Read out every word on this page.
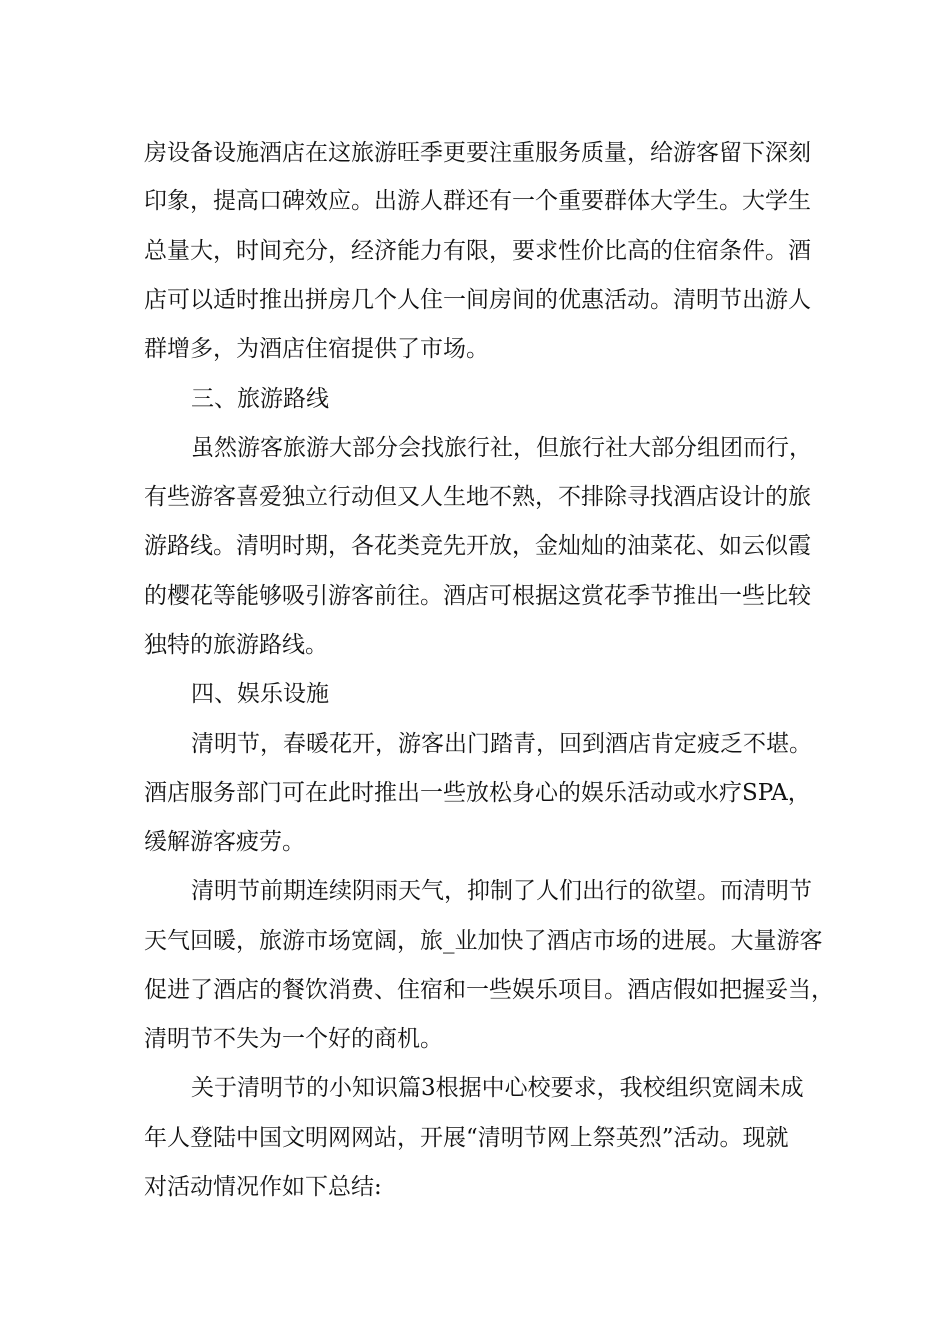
房设备设施酒店在这旅游旺季更要注重服务质量，给游客留下深刻

印象，提高口碑效应。出游人群还有一个重要群体大学生。大学生

总量大，时间充分，经济能力有限，要求性价比高的住宿条件。酒

店可以适时推出拼房几个人住一间房间的优惠活动。清明节出游人

群增多，为酒店住宿提供了市场。

三、旅游路线

虽然游客旅游大部分会找旅行社，但旅行社大部分组团而行，

有些游客喜爱独立行动但又人生地不熟，不排除寻找酒店设计的旅

游路线。清明时期，各花类竞先开放，金灿灿的油菜花、如云似霞

的樱花等能够吸引游客前往。酒店可根据这赏花季节推出一些比较

独特的旅游路线。

四、娱乐设施

清明节，春暖花开，游客出门踏青，回到酒店肯定疲乏不堪。

酒店服务部门可在此时推出一些放松身心的娱乐活动或水疗SPA，

缓解游客疲劳。

清明节前期连续阴雨天气，抑制了人们出行的欲望。而清明节

天气回暖，旅游市场宽阔，旅_业加快了酒店市场的进展。大量游客

促进了酒店的餐饮消费、住宿和一些娱乐项目。酒店假如把握妥当，

清明节不失为一个好的商机。

关于清明节的小知识篇3根据中心校要求，我校组织宽阔未成

年人登陆中国文明网网站，开展“清明节网上祭英烈”活动。现就

对活动情况作如下总结:
